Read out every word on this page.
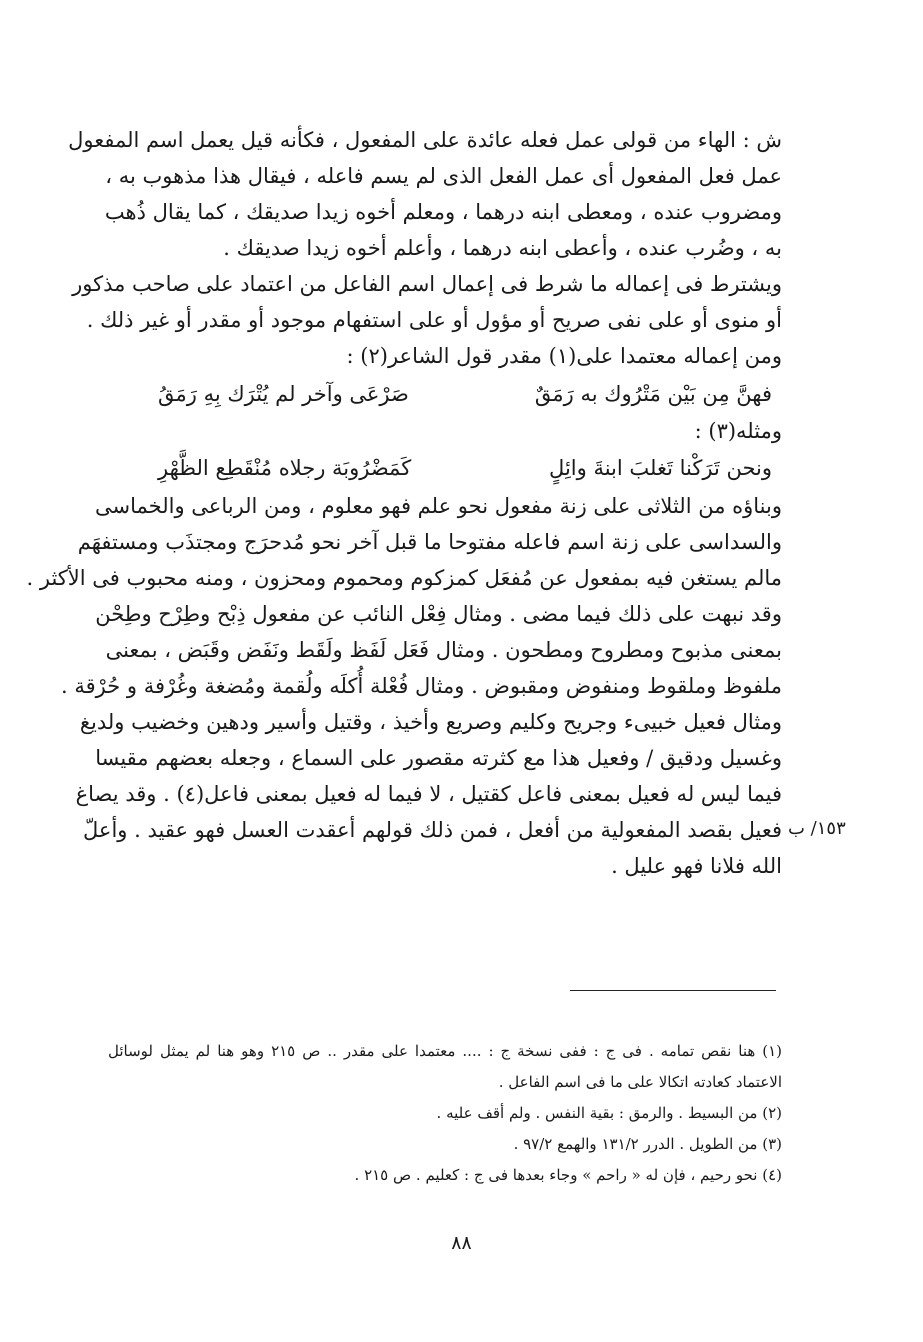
ش : الهاء من قولى عمل فعله عائدة على المفعول ، فكأنه قيل يعمل اسم المفعول
عمل فعل المفعول أى عمل الفعل الذى لم يسم فاعله ، فيقال هذا مذهوب به ،
ومضروب عنده ، ومعطى ابنه درهما ، ومعلم أخوه زيدا صديقك ، كما يقال ذُهب
به ، وضُرب عنده ، وأعطى ابنه درهما ، وأعلم أخوه زيدا صديقك .
ويشترط فى إعماله ما شرط فى إعمال اسم الفاعل من اعتماد على صاحب مذكور
أو منوى أو على نفى صريح أو مؤول أو على استفهام موجود أو مقدر أو غير ذلك .
ومن إعماله معتمدا على(١) مقدر قول الشاعر(٢) :
فهنَّ مِن بَيْن مَتْرُوك به رَمَقٌ
صَرْعَى وآخر لم يُتْرَك بِهِ رَمَقُ
ومثله(٣) :
ونحن تَرَكْنا تَغلبَ ابنةَ وائِلٍ
كَمَضْرُوبَة رجلاه مُنْقَطِع الظَّهْرِ
وبناؤه من الثلاثى على زنة مفعول نحو علم فهو معلوم ، ومن الرباعى والخماسى
والسداسى على زنة اسم فاعله مفتوحا ما قبل آخر نحو مُدحرَج ومجتذَب ومستفهَم
مالم يستغن فيه بمفعول عن مُفعَل كمزكوم ومحموم ومحزون ، ومنه محبوب فى الأكثر .
وقد نبهت على ذلك فيما مضى . ومثال فِعْل النائب عن مفعول ذِبْح وطِرْح وطِحْن
بمعنى مذبوح ومطروح ومطحون . ومثال فَعَل لَفَظ ولَقَط ونَفَض وقَبَض ، بمعنى
ملفوظ وملقوط ومنفوض ومقبوض . ومثال فُعْلة أُكلَه ولُقمة ومُضغة وغُرْفة و حُرْقة .
ومثال فعيل خبيىء وجريح وكليم وصريع وأخيذ ، وقتيل وأسير ودهين وخضيب ولديغ
وغسيل ودقيق / وفعيل هذا مع كثرته مقصور على السماع ، وجعله بعضهم مقيسا
فيما ليس له فعيل بمعنى فاعل كقتيل ، لا فيما له فعيل بمعنى فاعل(٤) . وقد يصاغ
فعيل بقصد المفعولية من أفعل ، فمن ذلك قولهم أعقدت العسل فهو عقيد . وأعلّ
الله فلانا فهو عليل .
١٥٣/ ب
(١) هنا نقص تمامه . فى ج : ففى نسخة ج : .... معتمدا على مقدر .. ص ٢١٥ وهو هنا لم يمثل لوسائل
الاعتماد كعادته اتكالا على ما فى اسم الفاعل .
(٢) من البسيط . والرمق : بقية النفس . ولم أقف عليه .
(٣) من الطويل . الدرر ١٣١/٢ والهمع ٩٧/٢ .
(٤) نحو رحيم ، فإن له « راحم » وجاء بعدها فى ج : كعليم . ص ٢١٥ .
٨٨
